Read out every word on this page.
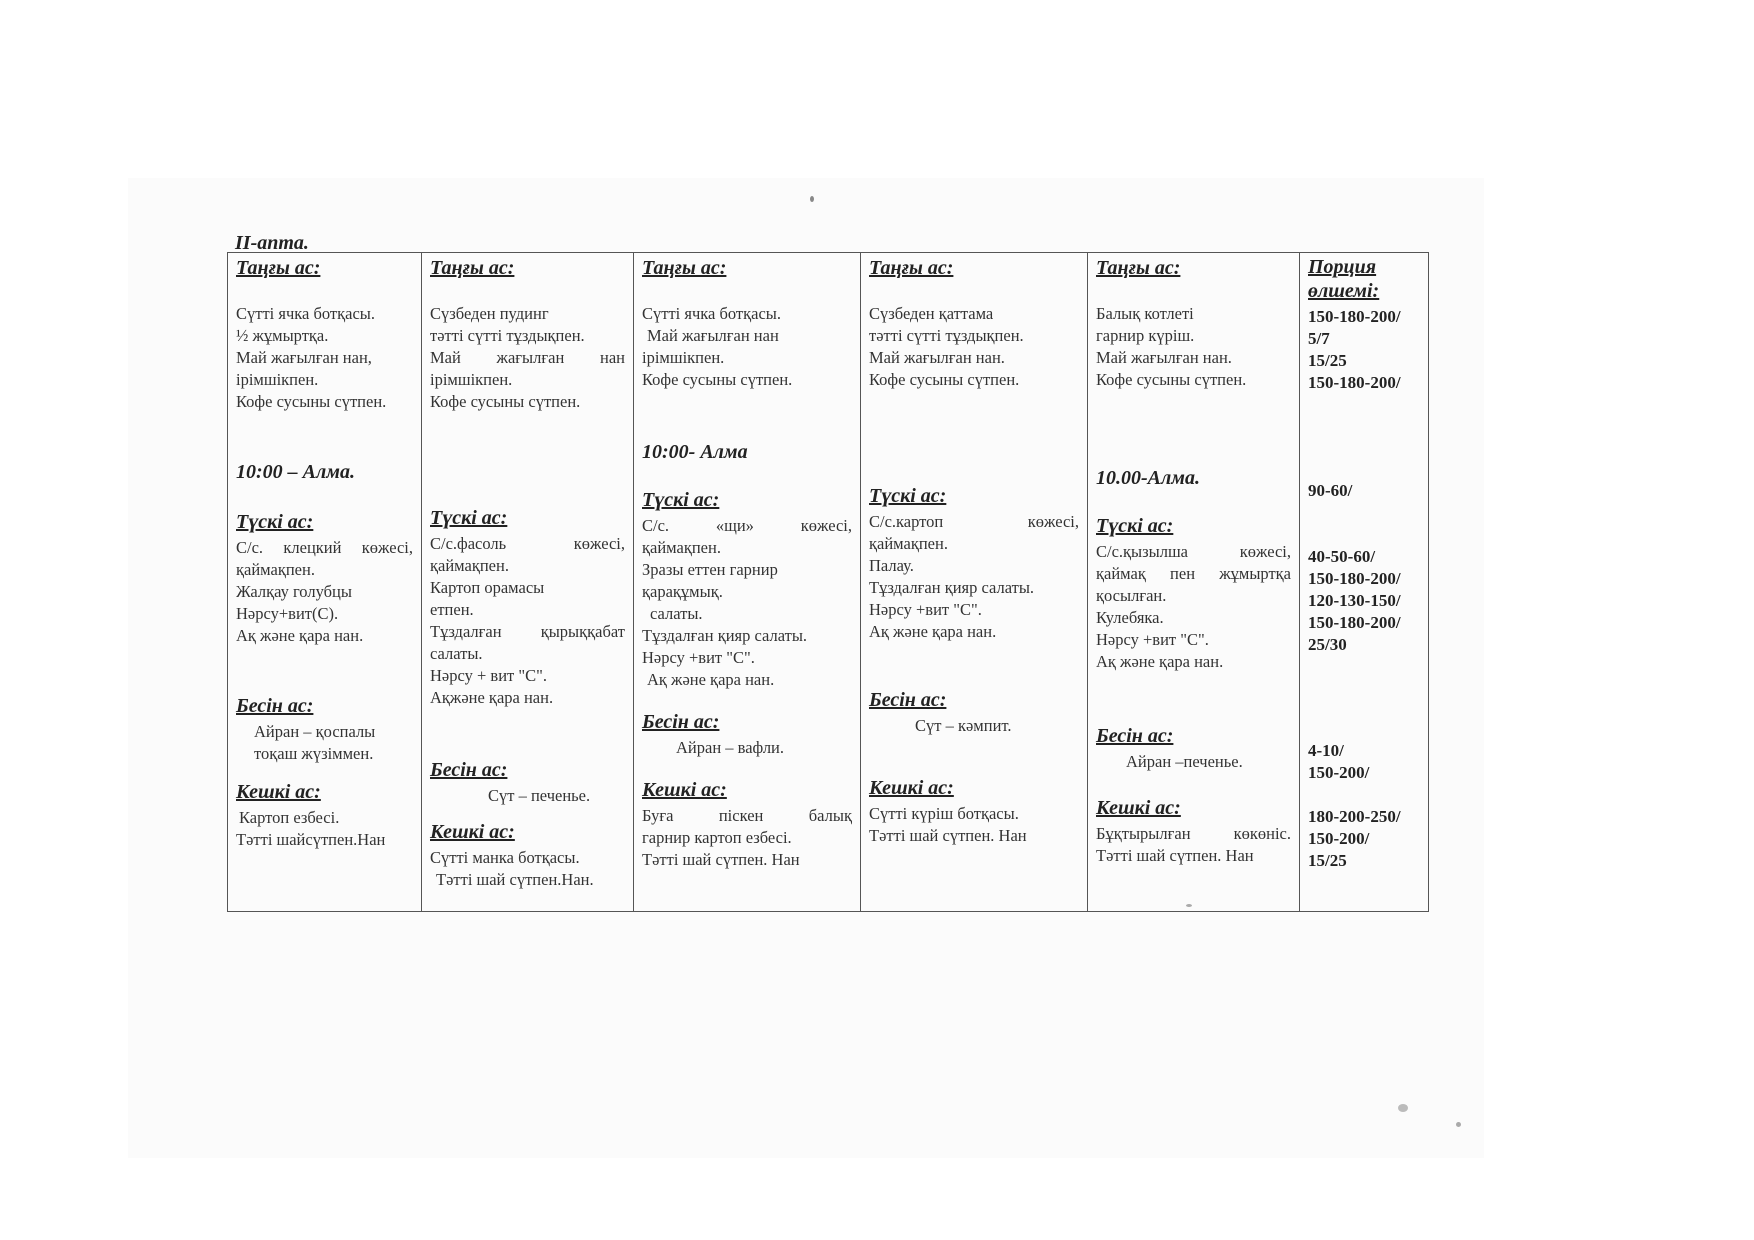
II-апта.
Таңғы ас:
Сүтті ячка ботқасы.
½ жұмыртқа.
Май жағылған нан,
ірімшікпен.
Кофе сусыны сүтпен.
10:00 – Алма.
Түскі ас:
С/с. клецкий көжесі,
қаймақпен.
Жалқау голубцы
Нәрсу+вит(С).
Ақ және қара нан.
Бесін ас:
Айран – қоспалы
тоқаш жүзіммен.
Кешкі ас:
Картоп езбесі.
Тәтті шайсүтпен.Нан

Таңғы ас:
Сүзбеден пудинг
тәтті сүтті тұздықпен.
Май жағылған нан
ірімшікпен.
Кофе сусыны сүтпен.
Түскі ас:
С/с.фасоль көжесі,
қаймақпен.
Картоп орамасы
етпен.
Тұздалған қырыққабат
салаты.
Нәрсу + вит "С".
Ақжәне қара нан.
Бесін ас:
Сүт – печенье.
Кешкі ас:
Сүтті манка ботқасы.
Тәтті шай сүтпен.Нан.

Таңғы ас:
Сүтті ячка ботқасы.
Май жағылған нан
ірімшікпен.
Кофе сусыны сүтпен.
10:00- Алма
Түскі ас:
С/с. «щи» көжесі,
қаймақпен.
Зразы еттен гарнир
қарақұмық.
салаты.
Тұздалған қияр салаты.
Нәрсу +вит "С".
Ақ және қара нан.
Бесін ас:
Айран – вафли.
Кешкі ас:
Буға піскен балық
гарнир картоп езбесі.
Тәтті шай сүтпен. Нан

Таңғы ас:
Сүзбеден қаттама
тәтті сүтті тұздықпен.
Май жағылған нан.
Кофе сусыны сүтпен.
Түскі ас:
С/с.картоп көжесі,
қаймақпен.
Палау.
Тұздалған қияр салаты.
Нәрсу +вит "С".
Ақ және қара нан.
Бесін ас:
Сүт – кәмпит.
Кешкі ас:
Сүтті күріш ботқасы.
Тәтті шай сүтпен. Нан

Таңғы ас:
Балық котлеті
гарнир күріш.
Май жағылған нан.
Кофе сусыны сүтпен.
10.00-Алма.
Түскі ас:
С/с.қызылша көжесі,
қаймақ пен жұмыртқа
қосылған.
Кулебяка.
Нәрсу +вит "С".
Ақ және қара нан.
Бесін ас:
Айран –печенье.
Кешкі ас:
Бұқтырылған көкөніс.
Тәтті шай сүтпен. Нан

Порция
өлшемі:
150-180-200/
5/7
15/25
150-180-200/
90-60/
40-50-60/
150-180-200/
120-130-150/
150-180-200/
25/30
4-10/
150-200/
180-200-250/
150-200/
15/25
